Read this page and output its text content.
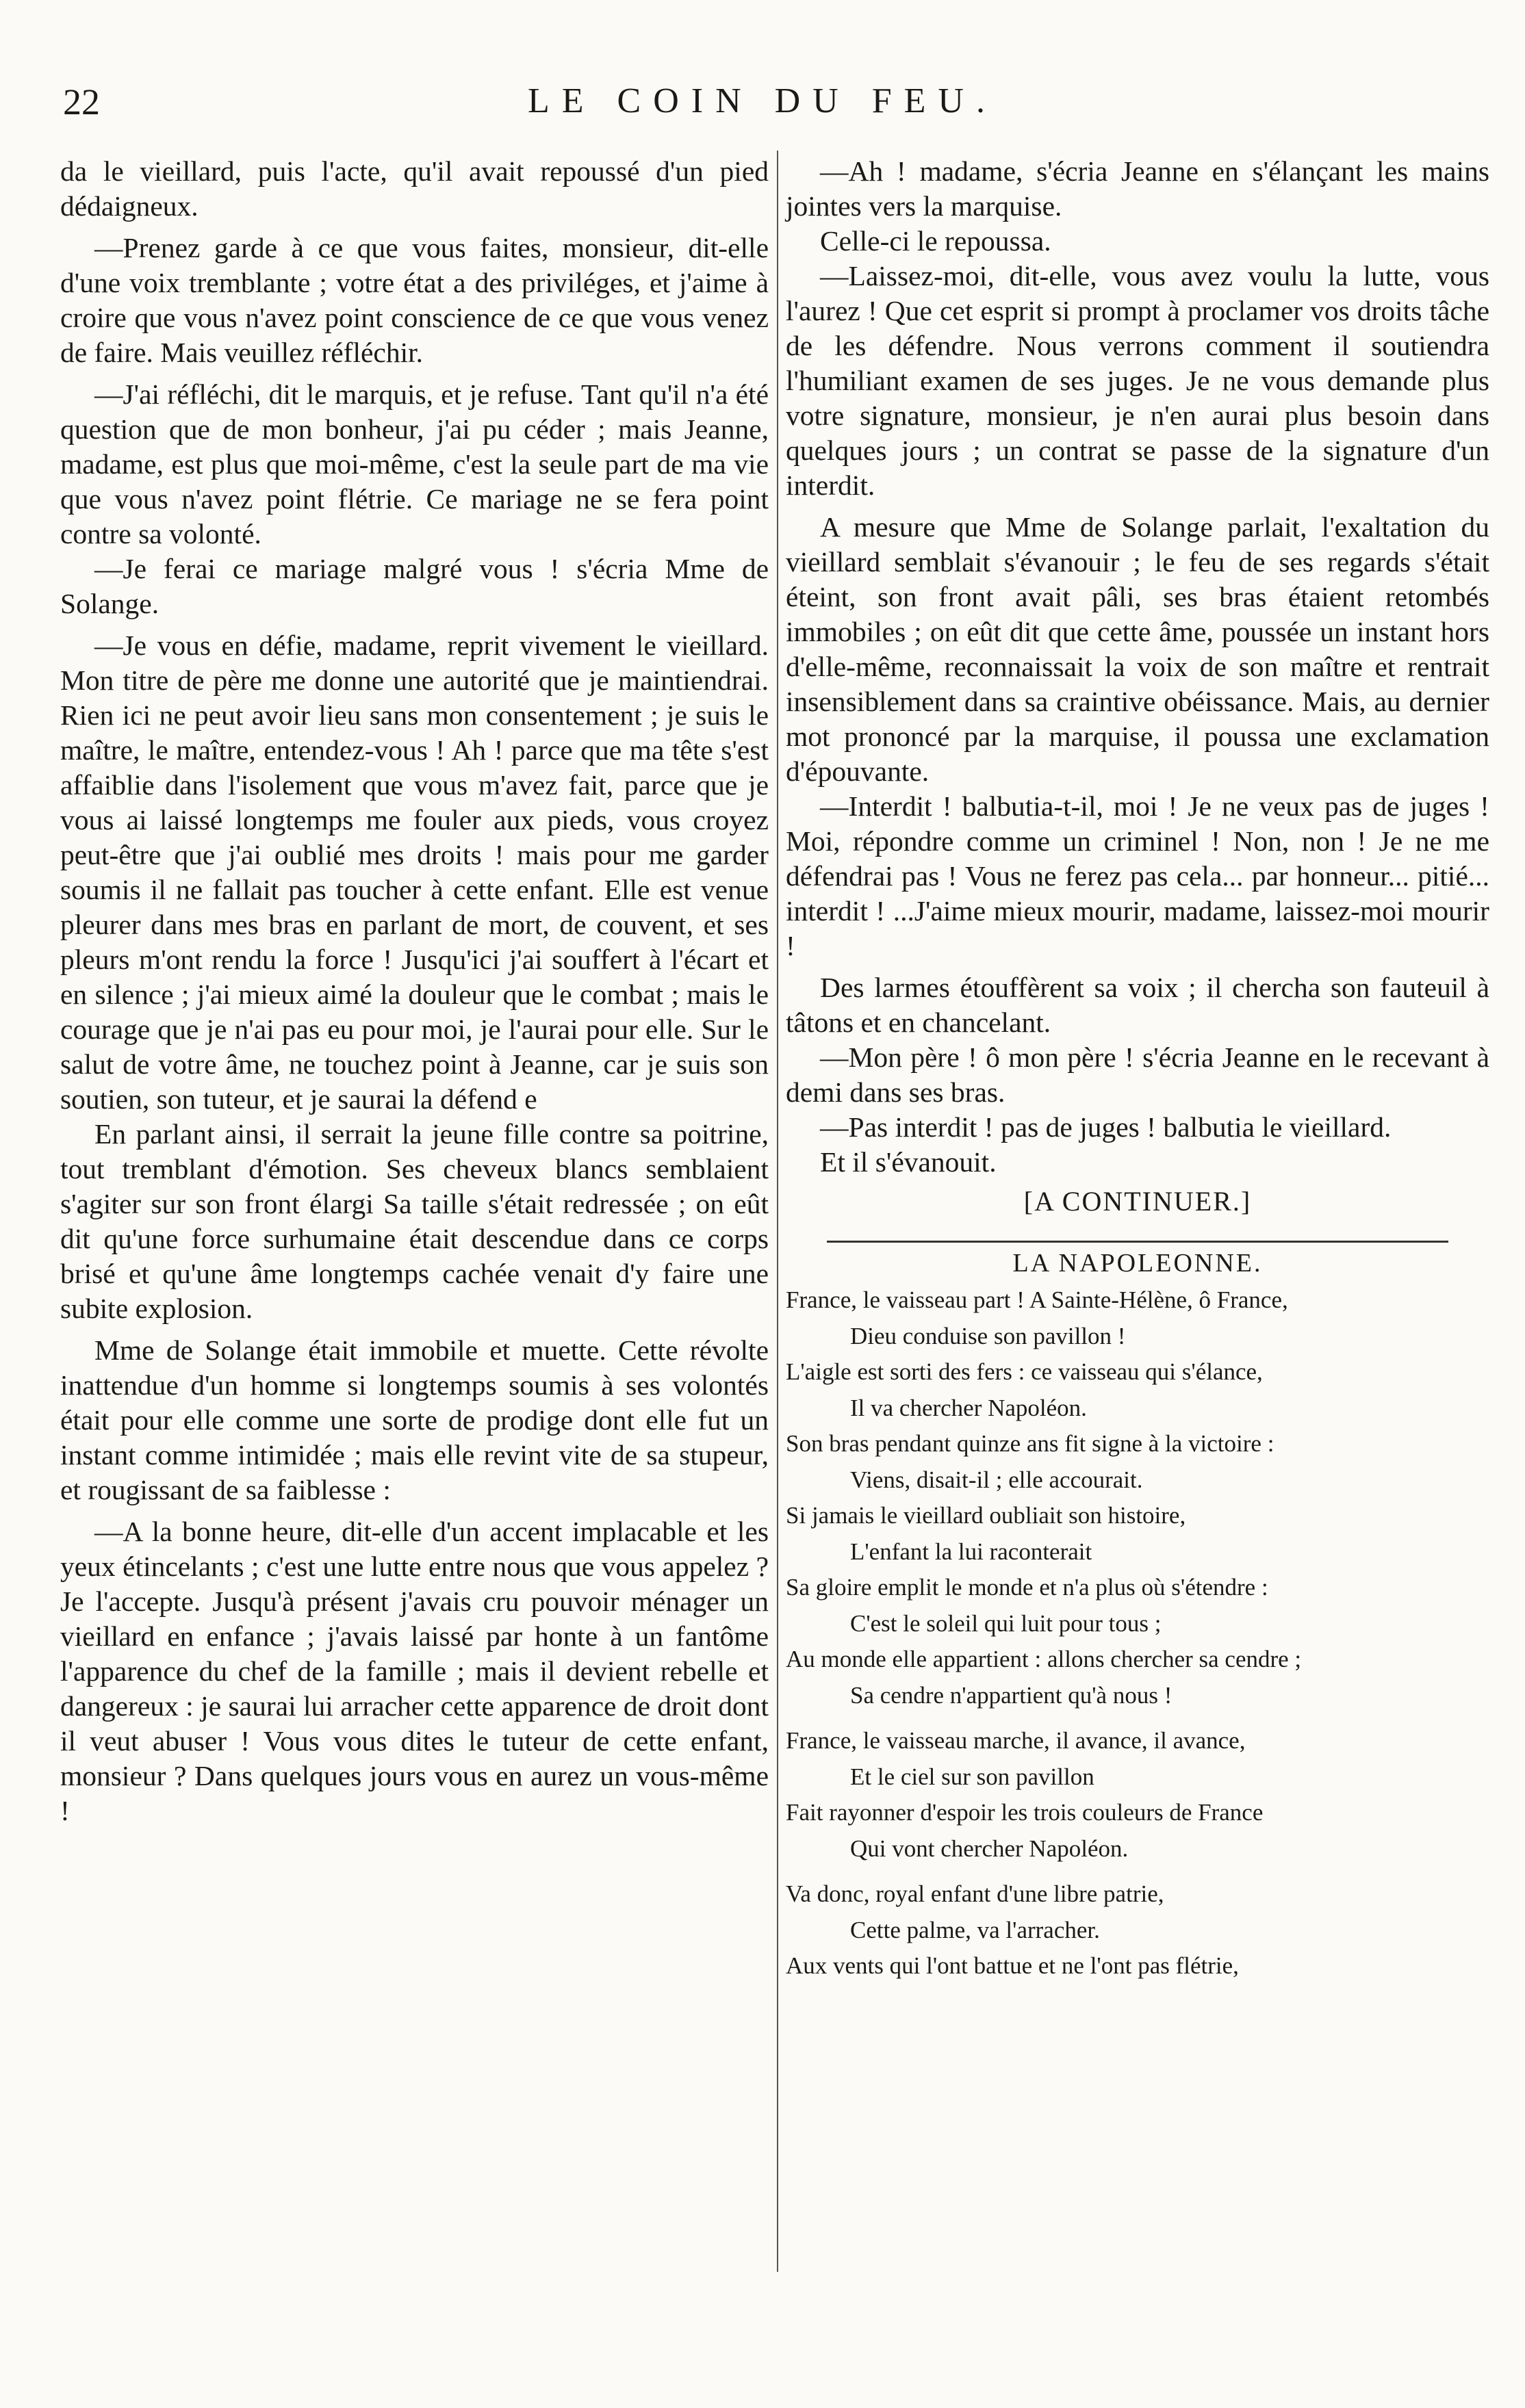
22	LE COIN DU FEU.

da le vieillard, puis l'acte, qu'il avait repoussé d'un pied dédaigneux.

—Prenez garde à ce que vous faites, monsieur, dit-elle d'une voix tremblante ; votre état a des priviléges, et j'aime à croire que vous n'avez point conscience de ce que vous venez de faire. Mais veuillez réfléchir.

—J'ai réfléchi, dit le marquis, et je refuse. Tant qu'il n'a été question que de mon bonheur, j'ai pu céder ; mais Jeanne, madame, est plus que moi-même, c'est la seule part de ma vie que vous n'avez point flétrie. Ce mariage ne se fera point contre sa volonté.

—Je ferai ce mariage malgré vous ! s'écria Mme de Solange.

—Je vous en défie, madame, reprit vivement le vieillard. Mon titre de père me donne une autorité que je maintiendrai. Rien ici ne peut avoir lieu sans mon consentement ; je suis le maître, le maître, entendez-vous ! Ah ! parce que ma tête s'est affaiblie dans l'isolement que vous m'avez fait, parce que je vous ai laissé longtemps me fouler aux pieds, vous croyez peut-être que j'ai oublié mes droits ! mais pour me garder soumis il ne fallait pas toucher à cette enfant. Elle est venue pleurer dans mes bras en parlant de mort, de couvent, et ses pleurs m'ont rendu la force ! Jusqu'ici j'ai souffert à l'écart et en silence ; j'ai mieux aimé la douleur que le combat ; mais le courage que je n'ai pas eu pour moi, je l'aurai pour elle. Sur le salut de votre âme, ne touchez point à Jeanne, car je suis son soutien, son tuteur, et je saurai la défend e

En parlant ainsi, il serrait la jeune fille contre sa poitrine, tout tremblant d'émotion. Ses cheveux blancs semblaient s'agiter sur son front élargi Sa taille s'était redressée ; on eût dit qu'une force surhumaine était descendue dans ce corps brisé et qu'une âme longtemps cachée venait d'y faire une subite explosion.

Mme de Solange était immobile et muette. Cette révolte inattendue d'un homme si longtemps soumis à ses volontés était pour elle comme une sorte de prodige dont elle fut un instant comme intimidée ; mais elle revint vite de sa stupeur, et rougissant de sa faiblesse :

—A la bonne heure, dit-elle d'un accent implacable et les yeux étincelants ; c'est une lutte entre nous que vous appelez ? Je l'accepte. Jusqu'à présent j'avais cru pouvoir ménager un vieillard en enfance ; j'avais laissé par honte à un fantôme l'apparence du chef de la famille ; mais il devient rebelle et dangereux : je saurai lui arracher cette apparence de droit dont il veut abuser ! Vous vous dites le tuteur de cette enfant, monsieur ? Dans quelques jours vous en aurez un vous-même !

—Ah ! madame, s'écria Jeanne en s'élançant les mains jointes vers la marquise.

Celle-ci le repoussa.

—Laissez-moi, dit-elle, vous avez voulu la lutte, vous l'aurez ! Que cet esprit si prompt à proclamer vos droits tâche de les défendre. Nous verrons comment il soutiendra l'humiliant examen de ses juges. Je ne vous demande plus votre signature, monsieur, je n'en aurai plus besoin dans quelques jours ; un contrat se passe de la signature d'un interdit.

A mesure que Mme de Solange parlait, l'exaltation du vieillard semblait s'évanouir ; le feu de ses regards s'était éteint, son front avait pâli, ses bras étaient retombés immobiles ; on eût dit que cette âme, poussée un instant hors d'elle-même, reconnaissait la voix de son maître et rentrait insensiblement dans sa craintive obéissance. Mais, au dernier mot prononcé par la marquise, il poussa une exclamation d'épouvante.

—Interdit ! balbutia-t-il, moi ! Je ne veux pas de juges ! Moi, répondre comme un criminel ! Non, non ! Je ne me défendrai pas ! Vous ne ferez pas cela... par honneur... pitié... interdit ! ...J'aime mieux mourir, madame, laissez-moi mourir !

Des larmes étouffèrent sa voix ; il chercha son fauteuil à tâtons et en chancelant.

—Mon père ! ô mon père ! s'écria Jeanne en le recevant à demi dans ses bras.

—Pas interdit ! pas de juges ! balbutia le vieillard.

Et il s'évanouit.

[A CONTINUER.]
LA NAPOLEONNE.
France, le vaisseau part ! A Sainte-Hélène, ô France,
Dieu conduise son pavillon !
L'aigle est sorti des fers : ce vaisseau qui s'élance,
Il va chercher Napoléon.
Son bras pendant quinze ans fit signe à la victoire :
Viens, disait-il ; elle accourait.
Si jamais le vieillard oubliait son histoire,
L'enfant la lui raconterait
Sa gloire emplit le monde et n'a plus où s'étendre :
C'est le soleil qui luit pour tous ;
Au monde elle appartient : allons chercher sa cendre ;
Sa cendre n'appartient qu'à nous !
France, le vaisseau marche, il avance, il avance,
Et le ciel sur son pavillon
Fait rayonner d'espoir les trois couleurs de France
Qui vont chercher Napoléon.
Va donc, royal enfant d'une libre patrie,
Cette palme, va l'arracher.
Aux vents qui l'ont battue et ne l'ont pas flétrie,
